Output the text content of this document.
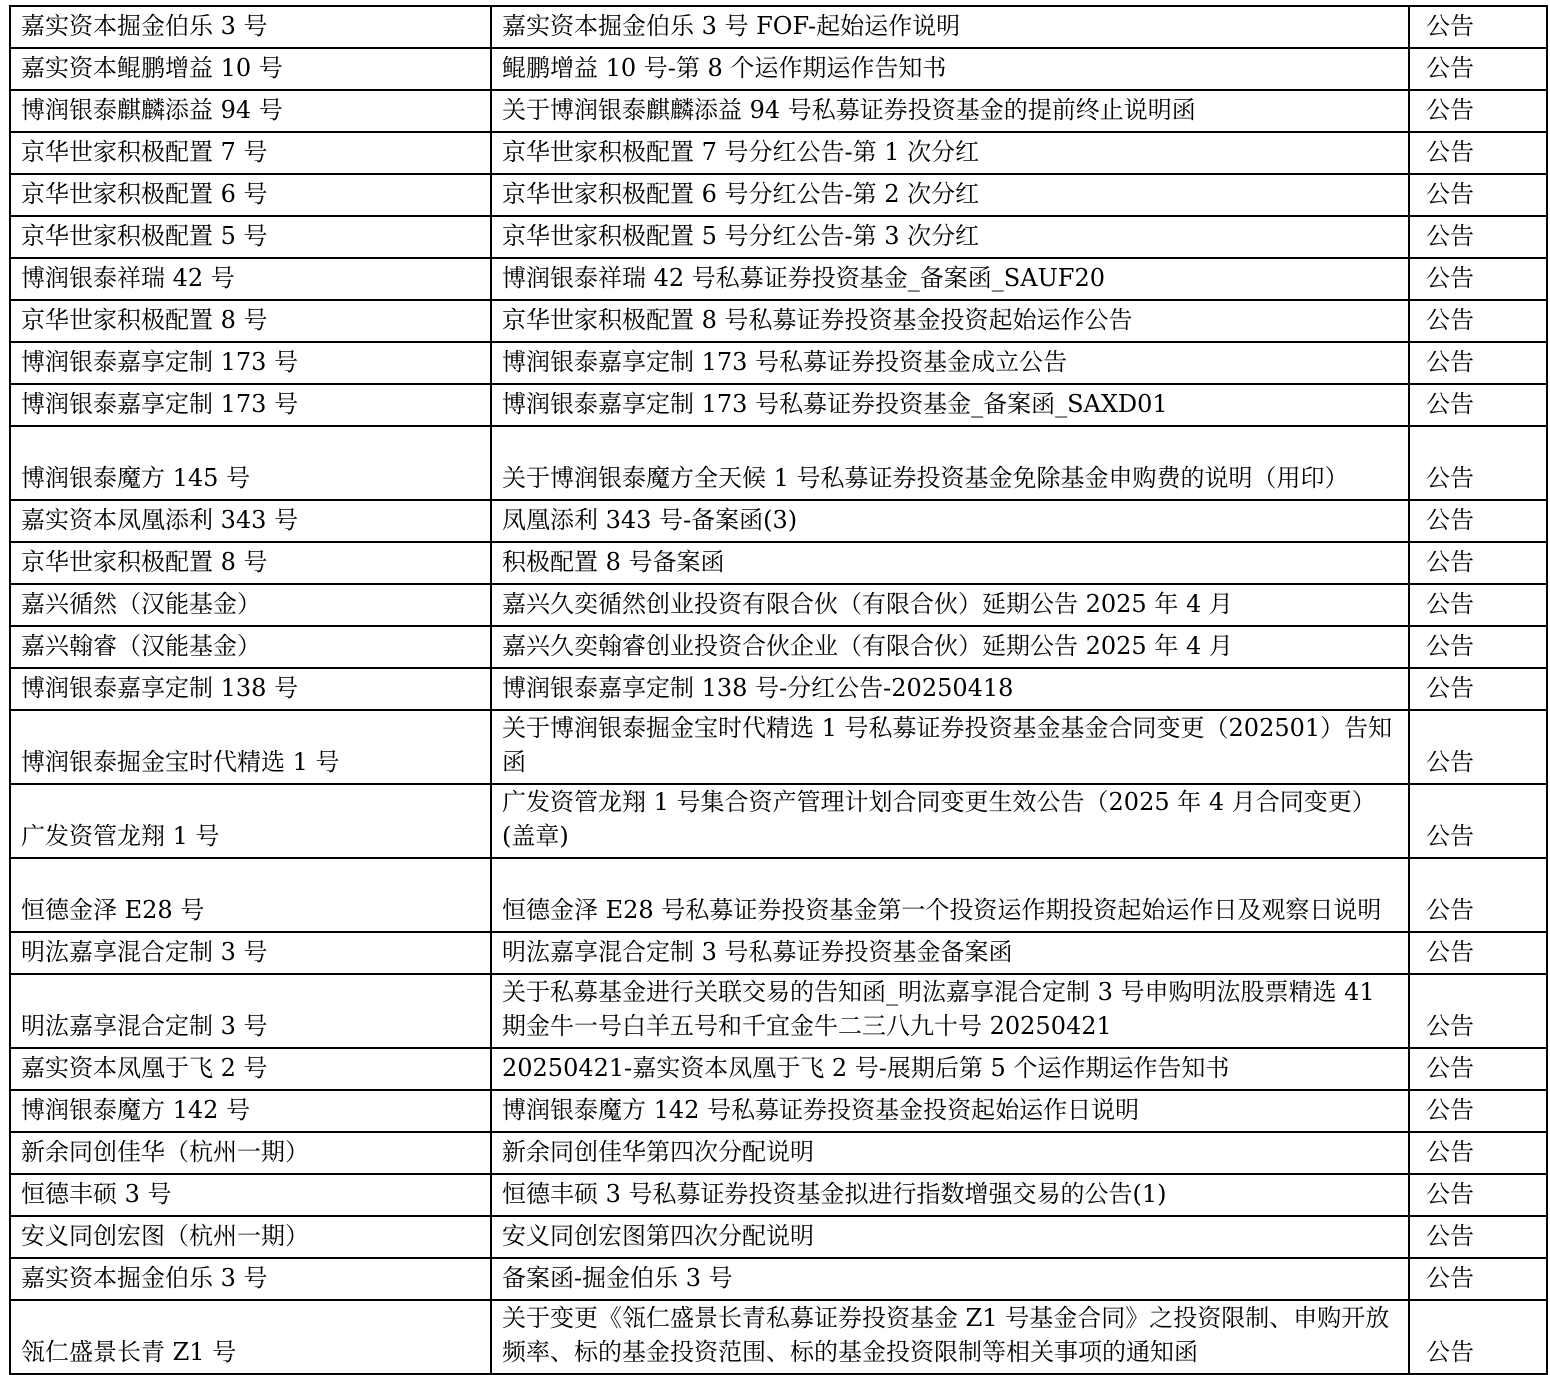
嘉实资本掘金伯乐 3 号	嘉实资本掘金伯乐 3 号 FOF-起始运作说明	公告
嘉实资本鲲鹏增益 10 号	鲲鹏增益 10 号-第 8 个运作期运作告知书	公告
博润银泰麒麟添益 94 号	关于博润银泰麒麟添益 94 号私募证券投资基金的提前终止说明函	公告
京华世家积极配置 7 号	京华世家积极配置 7 号分红公告-第 1 次分红	公告
京华世家积极配置 6 号	京华世家积极配置 6 号分红公告-第 2 次分红	公告
京华世家积极配置 5 号	京华世家积极配置 5 号分红公告-第 3 次分红	公告
博润银泰祥瑞 42 号	博润银泰祥瑞 42 号私募证券投资基金_备案函_SAUF20	公告
京华世家积极配置 8 号	京华世家积极配置 8 号私募证券投资基金投资起始运作公告	公告
博润银泰嘉享定制 173 号	博润银泰嘉享定制 173 号私募证券投资基金成立公告	公告
博润银泰嘉享定制 173 号	博润银泰嘉享定制 173 号私募证券投资基金_备案函_SAXD01	公告
博润银泰魔方 145 号	关于博润银泰魔方全天候 1 号私募证券投资基金免除基金申购费的说明（用印）	公告
嘉实资本凤凰添利 343 号	凤凰添利 343 号-备案函(3)	公告
京华世家积极配置 8 号	积极配置 8 号备案函	公告
嘉兴循然（汉能基金）	嘉兴久奕循然创业投资有限合伙（有限合伙）延期公告 2025 年 4 月	公告
嘉兴翰睿（汉能基金）	嘉兴久奕翰睿创业投资合伙企业（有限合伙）延期公告 2025 年 4 月	公告
博润银泰嘉享定制 138 号	博润银泰嘉享定制 138 号-分红公告-20250418	公告
博润银泰掘金宝时代精选 1 号	关于博润银泰掘金宝时代精选 1 号私募证券投资基金基金合同变更（202501）告知函	公告
广发资管龙翔 1 号	广发资管龙翔 1 号集合资产管理计划合同变更生效公告（2025 年 4 月合同变更）(盖章)	公告
恒德金泽 E28 号	恒德金泽 E28 号私募证券投资基金第一个投资运作期投资起始运作日及观察日说明	公告
明汯嘉享混合定制 3 号	明汯嘉享混合定制 3 号私募证券投资基金备案函	公告
明汯嘉享混合定制 3 号	关于私募基金进行关联交易的告知函_明汯嘉享混合定制 3 号申购明汯股票精选 41 期金牛一号白羊五号和千宜金牛二三八九十号 20250421	公告
嘉实资本凤凰于飞 2 号	20250421-嘉实资本凤凰于飞 2 号-展期后第 5 个运作期运作告知书	公告
博润银泰魔方 142 号	博润银泰魔方 142 号私募证券投资基金投资起始运作日说明	公告
新余同创佳华（杭州一期）	新余同创佳华第四次分配说明	公告
恒德丰硕 3 号	恒德丰硕 3 号私募证券投资基金拟进行指数增强交易的公告(1)	公告
安义同创宏图（杭州一期）	安义同创宏图第四次分配说明	公告
嘉实资本掘金伯乐 3 号	备案函-掘金伯乐 3 号	公告
瓴仁盛景长青 Z1 号	关于变更《瓴仁盛景长青私募证券投资基金 Z1 号基金合同》之投资限制、申购开放频率、标的基金投资范围、标的基金投资限制等相关事项的通知函	公告
